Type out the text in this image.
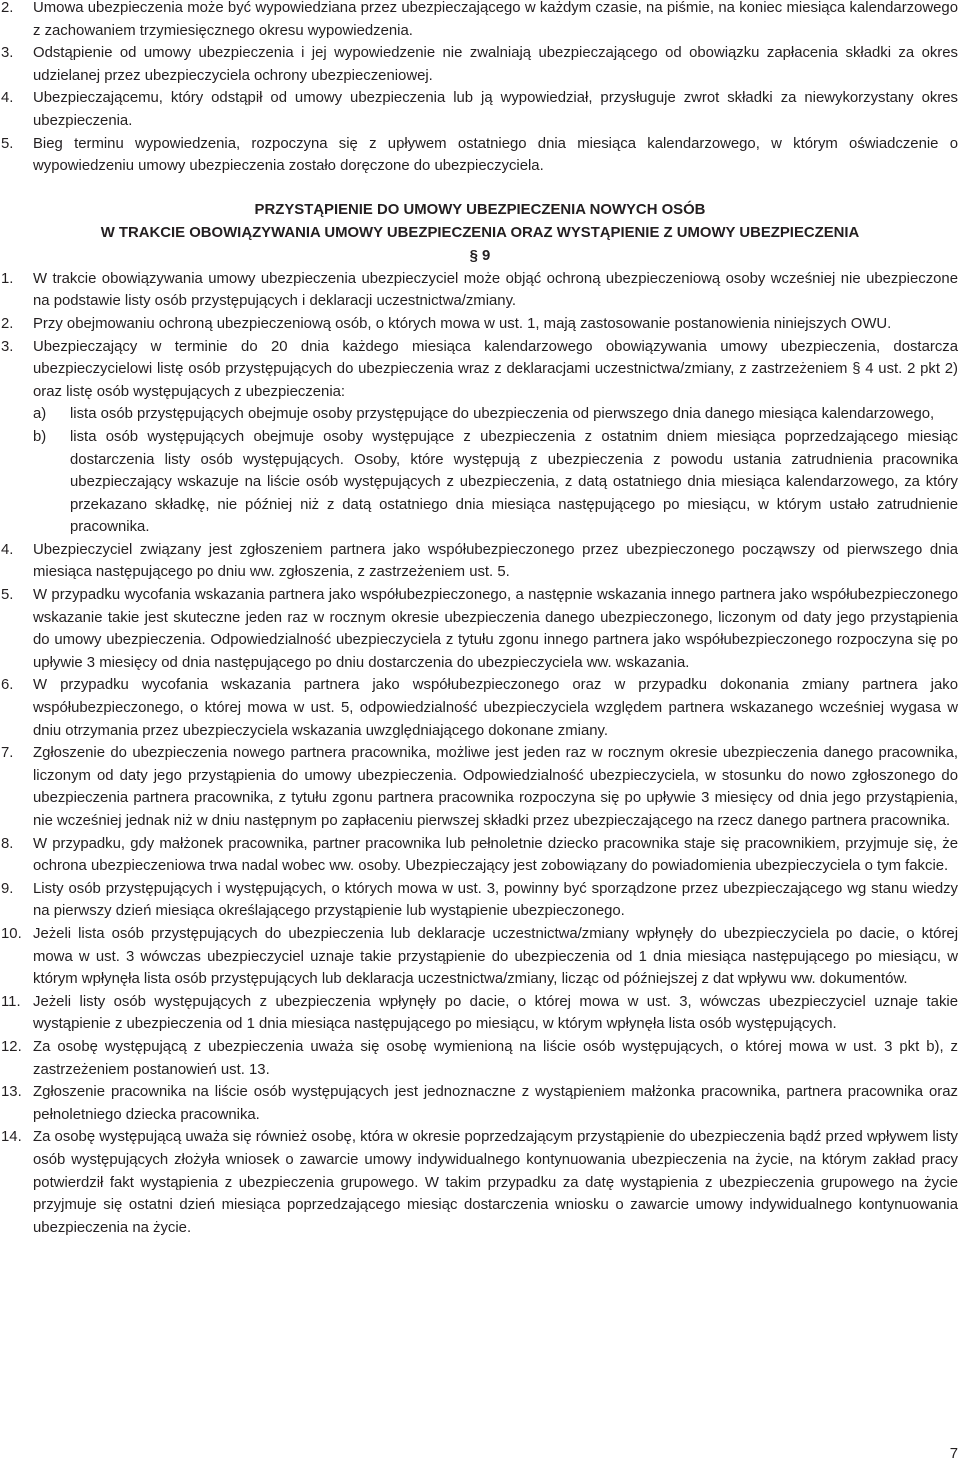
2.	Umowa ubezpieczenia może być wypowiedziana przez ubezpieczającego w każdym czasie, na piśmie, na koniec miesiąca kalendarzowego z zachowaniem trzymiesięcznego okresu wypowiedzenia.
3.	Odstąpienie od umowy ubezpieczenia i jej wypowiedzenie nie zwalniają ubezpieczającego od obowiązku zapłacenia składki za okres udzielanej przez ubezpieczyciela ochrony ubezpieczeniowej.
4.	Ubezpieczającemu, który odstąpił od umowy ubezpieczenia lub ją wypowiedział, przysługuje zwrot składki za niewykorzystany okres ubezpieczenia.
5.	Bieg terminu wypowiedzenia, rozpoczyna się z upływem ostatniego dnia miesiąca kalendarzowego, w którym oświadczenie o wypowiedzeniu umowy ubezpieczenia zostało doręczone do ubezpieczyciela.
PRZYSTĄPIENIE DO UMOWY UBEZPIECZENIA NOWYCH OSÓB
W TRAKCIE OBOWIĄZYWANIA UMOWY UBEZPIECZENIA ORAZ WYSTĄPIENIE Z UMOWY UBEZPIECZENIA
§ 9
1.	W trakcie obowiązywania umowy ubezpieczenia ubezpieczyciel może objąć ochroną ubezpieczeniową osoby wcześniej nie ubezpieczone na podstawie listy osób przystępujących i deklaracji uczestnictwa/zmiany.
2.	Przy obejmowaniu ochroną ubezpieczeniową osób, o których mowa w ust. 1, mają zastosowanie postanowienia niniejszych OWU.
3.	Ubezpieczający w terminie do 20 dnia każdego miesiąca kalendarzowego obowiązywania umowy ubezpieczenia, dostarcza ubezpieczycielowi listę osób przystępujących do ubezpieczenia wraz z deklaracjami uczestnictwa/zmiany, z zastrzeżeniem § 4 ust. 2 pkt 2) oraz listę osób występujących z ubezpieczenia:
a)	lista osób przystępujących obejmuje osoby przystępujące do ubezpieczenia od pierwszego dnia danego miesiąca kalendarzowego,
b)	lista osób występujących obejmuje osoby występujące z ubezpieczenia z ostatnim dniem miesiąca poprzedzającego miesiąc dostarczenia listy osób występujących. Osoby, które występują z ubezpieczenia z powodu ustania zatrudnienia pracownika ubezpieczający wskazuje na liście osób występujących z ubezpieczenia, z datą ostatniego dnia miesiąca kalendarzowego, za który przekazano składkę, nie później niż z datą ostatniego dnia miesiąca następującego po miesiącu, w którym ustało zatrudnienie pracownika.
4.	Ubezpieczyciel związany jest zgłoszeniem partnera jako współubezpieczonego przez ubezpieczonego począwszy od pierwszego dnia miesiąca następującego po dniu ww. zgłoszenia, z zastrzeżeniem ust. 5.
5.	W przypadku wycofania wskazania partnera jako współubezpieczonego, a następnie wskazania innego partnera jako współubezpieczonego wskazanie takie jest skuteczne jeden raz w rocznym okresie ubezpieczenia danego ubezpieczonego, liczonym od daty jego przystąpienia do umowy ubezpieczenia. Odpowiedzialność ubezpieczyciela z tytułu zgonu innego partnera jako współubezpieczonego rozpoczyna się po upływie 3 miesięcy od dnia następującego po dniu dostarczenia do ubezpieczyciela ww. wskazania.
6.	W przypadku wycofania wskazania partnera jako współubezpieczonego oraz w przypadku dokonania zmiany partnera jako współubezpieczonego, o której mowa w ust. 5, odpowiedzialność ubezpieczyciela względem partnera wskazanego wcześniej wygasa w dniu otrzymania przez ubezpieczyciela wskazania uwzględniającego dokonane zmiany.
7.	Zgłoszenie do ubezpieczenia nowego partnera pracownika, możliwe jest jeden raz w rocznym okresie ubezpieczenia danego pracownika, liczonym od daty jego przystąpienia do umowy ubezpieczenia. Odpowiedzialność ubezpieczyciela, w stosunku do nowo zgłoszonego do ubezpieczenia partnera pracownika, z tytułu zgonu partnera pracownika rozpoczyna się po upływie 3 miesięcy od dnia jego przystąpienia, nie wcześniej jednak niż w dniu następnym po zapłaceniu pierwszej składki przez ubezpieczającego na rzecz danego partnera pracownika.
8.	W przypadku, gdy małżonek pracownika, partner pracownika lub pełnoletnie dziecko pracownika staje się pracownikiem, przyjmuje się, że ochrona ubezpieczeniowa trwa nadal wobec ww. osoby. Ubezpieczający jest zobowiązany do powiadomienia ubezpieczyciela o tym fakcie.
9.	Listy osób przystępujących i występujących, o których mowa w ust. 3, powinny być sporządzone przez ubezpieczającego wg stanu wiedzy na pierwszy dzień miesiąca określającego przystąpienie lub wystąpienie ubezpieczonego.
10. Jeżeli lista osób przystępujących do ubezpieczenia lub deklaracje uczestnictwa/zmiany wpłynęły do ubezpieczyciela po dacie, o której mowa w ust. 3 wówczas ubezpieczyciel uznaje takie przystąpienie do ubezpieczenia od 1 dnia miesiąca następującego po miesiącu, w którym wpłynęła lista osób przystępujących lub deklaracja uczestnictwa/zmiany, licząc od późniejszej z dat wpływu ww. dokumentów.
11. Jeżeli listy osób występujących z ubezpieczenia wpłynęły po dacie, o której mowa w ust. 3, wówczas ubezpieczyciel uznaje takie wystąpienie z ubezpieczenia od 1 dnia miesiąca następującego po miesiącu, w którym wpłynęła lista osób występujących.
12. Za osobę występującą z ubezpieczenia uważa się osobę wymienioną na liście osób występujących, o której mowa w ust. 3 pkt b), z zastrzeżeniem postanowień ust. 13.
13. Zgłoszenie pracownika na liście osób występujących jest jednoznaczne z wystąpieniem małżonka pracownika, partnera pracownika oraz pełnoletniego dziecka pracownika.
14. Za osobę występującą uważa się również osobę, która w okresie poprzedzającym przystąpienie do ubezpieczenia bądź przed wpływem listy osób występujących złożyła wniosek o zawarcie umowy indywidualnego kontynuowania ubezpieczenia na życie, na którym zakład pracy potwierdził fakt wystąpienia z ubezpieczenia grupowego. W takim przypadku za datę wystąpienia z ubezpieczenia grupowego na życie przyjmuje się ostatni dzień miesiąca poprzedzającego miesiąc dostarczenia wniosku o zawarcie umowy indywidualnego kontynuowania ubezpieczenia na życie.
7
